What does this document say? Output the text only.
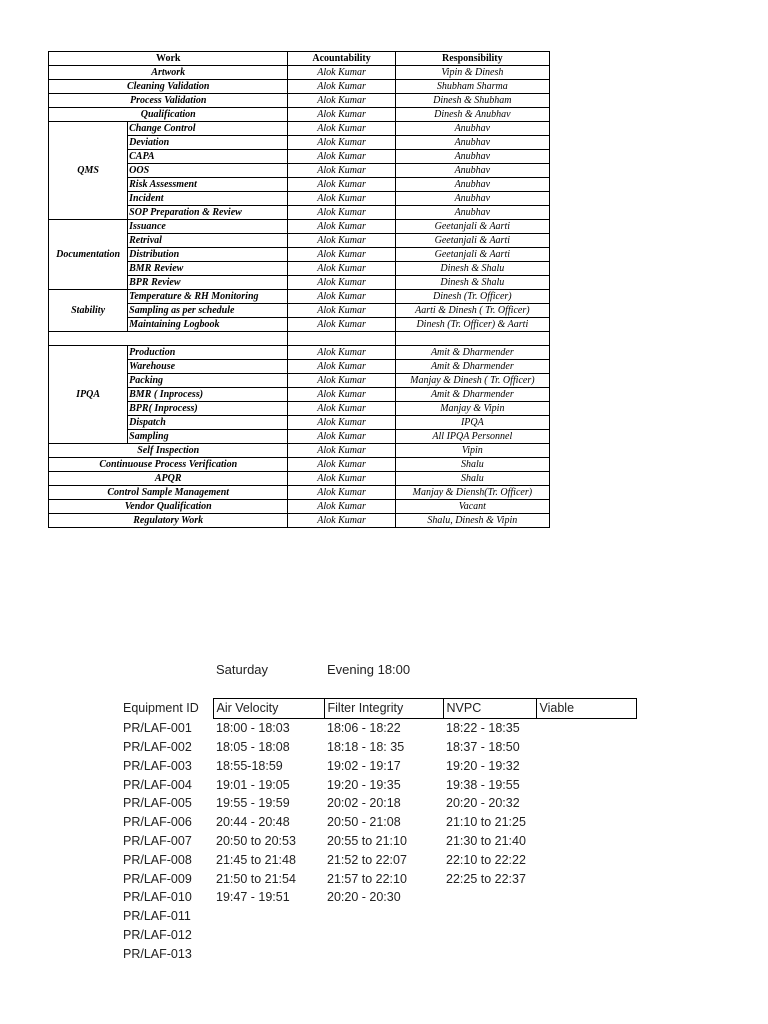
Work		Acountability	Responsibility
Artwork		Alok Kumar	Vipin & Dinesh
Cleaning Validation		Alok Kumar	Shubham Sharma
Process Validation		Alok Kumar	Dinesh & Shubham
Qualification		Alok Kumar	Dinesh & Anubhav
QMS	Change Control	Alok Kumar	Anubhav
	Deviation	Alok Kumar	Anubhav
	CAPA	Alok Kumar	Anubhav
	OOS	Alok Kumar	Anubhav
	Risk Assessment	Alok Kumar	Anubhav
	Incident	Alok Kumar	Anubhav
	SOP Preparation & Review	Alok Kumar	Anubhav
Documentation	Issuance	Alok Kumar	Geetanjali & Aarti
	Retrival	Alok Kumar	Geetanjali & Aarti
	Distribution	Alok Kumar	Geetanjali & Aarti
	BMR Review	Alok Kumar	Dinesh & Shalu
	BPR Review	Alok Kumar	Dinesh & Shalu
Stability	Temperature & RH Monitoring	Alok Kumar	Dinesh (Tr. Officer)
	Sampling as per schedule	Alok Kumar	Aarti & Dinesh ( Tr. Officer)
	Maintaining Logbook	Alok Kumar	Dinesh (Tr. Officer) & Aarti

IPQA	Production	Alok Kumar	Amit & Dharmender
	Warehouse	Alok Kumar	Amit & Dharmender
	Packing	Alok Kumar	Manjay & Dinesh ( Tr. Officer)
	BMR ( Inprocess)	Alok Kumar	Amit & Dharmender
	BPR( Inprocess)	Alok Kumar	Manjay & Vipin
	Dispatch	Alok Kumar	IPQA
	Sampling	Alok Kumar	All IPQA Personnel
Self Inspection		Alok Kumar	Vipin
Continuouse Process Verification		Alok Kumar	Shalu
APQR		Alok Kumar	Shalu
Control Sample Management		Alok Kumar	Manjay & Diensh(Tr. Officer)
Vendor Qualification		Alok Kumar	Vacant
Regulatory Work		Alok Kumar	Shalu, Dinesh & Vipin
Saturday	Evening 18:00
Equipment ID	Air Velocity	Filter Integrity	NVPC	Viable
PR/LAF-001	18:00 - 18:03	18:06 - 18:22	18:22 - 18:35	
PR/LAF-002	18:05 - 18:08	18:18 - 18: 35	18:37 - 18:50	
PR/LAF-003	18:55-18:59	19:02 - 19:17	19:20 - 19:32	
PR/LAF-004	19:01 - 19:05	19:20 - 19:35	19:38 - 19:55	
PR/LAF-005	19:55 - 19:59	20:02 - 20:18	20:20 - 20:32	
PR/LAF-006	20:44 - 20:48	20:50 - 21:08	21:10 to 21:25	
PR/LAF-007	20:50 to 20:53	20:55 to 21:10	21:30 to 21:40	
PR/LAF-008	21:45 to 21:48	21:52 to 22:07	22:10 to 22:22	
PR/LAF-009	21:50 to 21:54	21:57 to 22:10	22:25 to 22:37	
PR/LAF-010	19:47 - 19:51	20:20 - 20:30		
PR/LAF-011				
PR/LAF-012				
PR/LAF-013				
